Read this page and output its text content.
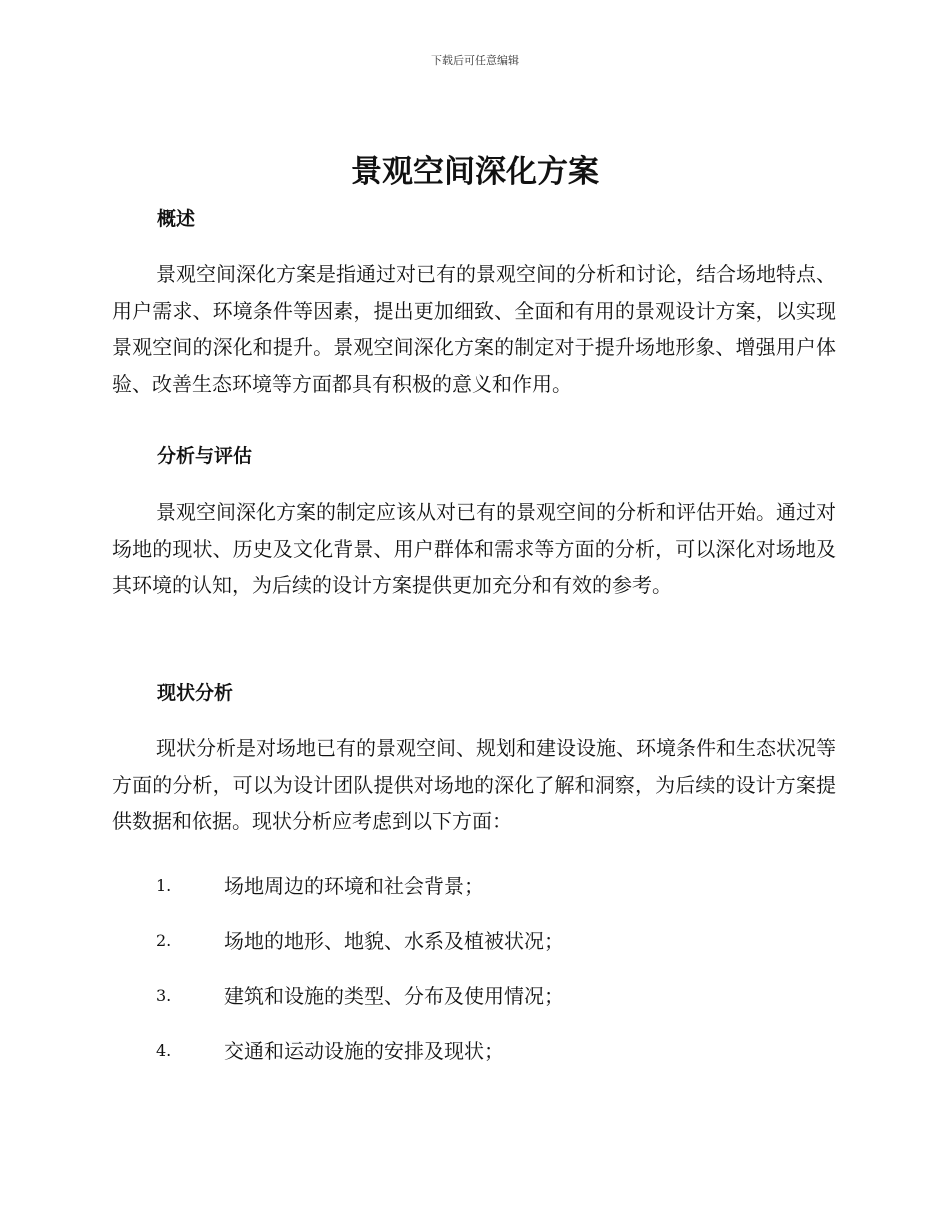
下载后可任意编辑
景观空间深化方案
概述

景观空间深化方案是指通过对已有的景观空间的分析和讨论，结合场地特点、用户需求、环境条件等因素，提出更加细致、全面和有用的景观设计方案，以实现景观空间的深化和提升。景观空间深化方案的制定对于提升场地形象、增强用户体验、改善生态环境等方面都具有积极的意义和作用。

分析与评估

景观空间深化方案的制定应该从对已有的景观空间的分析和评估开始。通过对场地的现状、历史及文化背景、用户群体和需求等方面的分析，可以深化对场地及其环境的认知，为后续的设计方案提供更加充分和有效的参考。

现状分析

现状分析是对场地已有的景观空间、规划和建设设施、环境条件和生态状况等方面的分析，可以为设计团队提供对场地的深化了解和洞察，为后续的设计方案提供数据和依据。现状分析应考虑到以下方面：

1.	场地周边的环境和社会背景；
2.	场地的地形、地貌、水系及植被状况；
3.	建筑和设施的类型、分布及使用情况；
4.	交通和运动设施的安排及现状；
